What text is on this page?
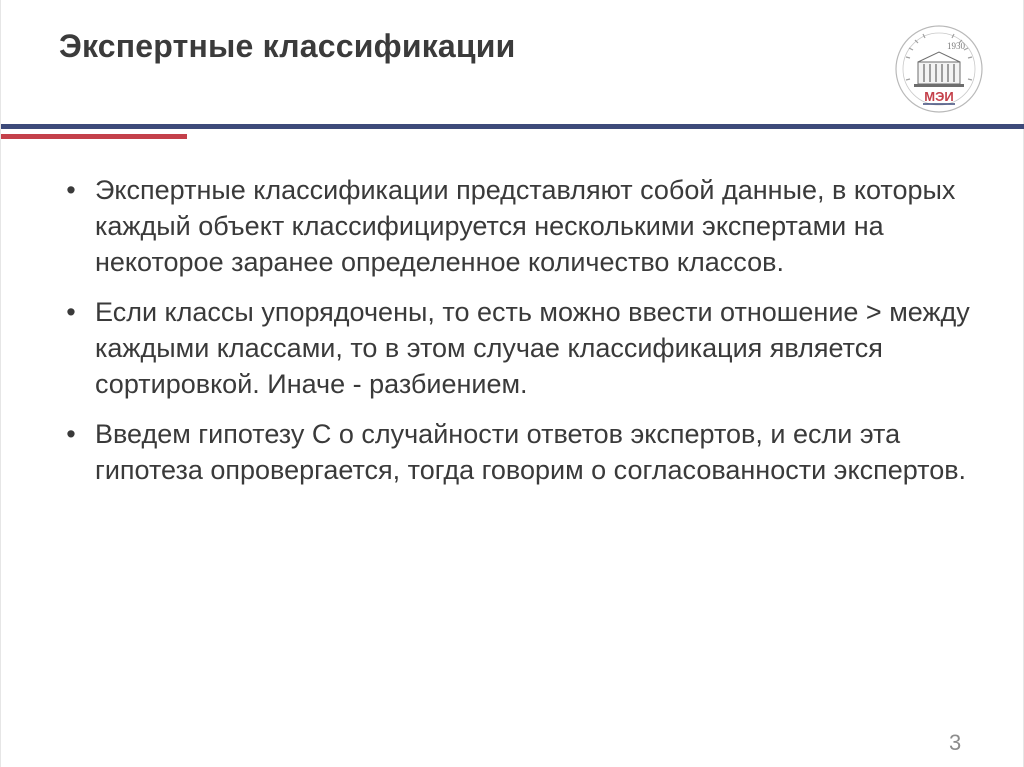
Экспертные классификации	1930
МЭИ
• Экспертные классификации представляют собой данные, в которых каждый объект классифицируется несколькими экспертами на некоторое заранее определенное количество классов.
• Если классы упорядочены, то есть можно ввести отношение > между каждыми классами, то в этом случае классификация является сортировкой. Иначе - разбиением.
• Введем гипотезу С о случайности ответов экспертов, и если эта гипотеза опровергается, тогда говорим о согласованности экспертов.
3
